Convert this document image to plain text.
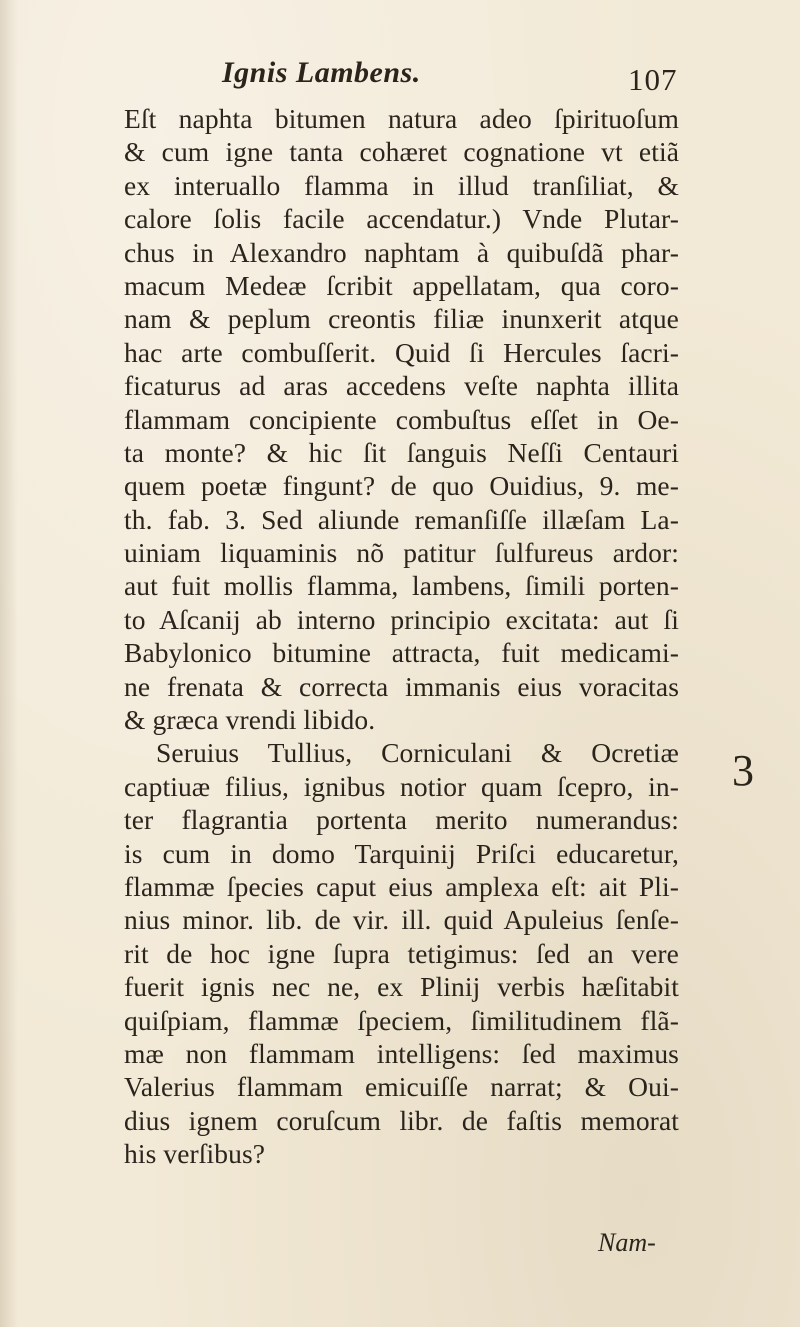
Ignis Lambens.	107
Eſt naphta bitumen natura adeo ſpirituoſum
& cum igne tanta cohæret cognatione vt etiã
ex interuallo flamma in illud tranſiliat, &
calore ſolis facile accendatur.) Vnde Plutar-
chus in Alexandro naphtam à quibuſdã phar-
macum Medeæ ſcribit appellatam, qua coro-
nam & peplum creontis filiæ inunxerit atque
hac arte combuſſerit. Quid ſi Hercules ſacri-
ficaturus ad aras accedens veſte naphta illita
flammam concipiente combuſtus eſſet in Oe-
ta monte? & hic ſit ſanguis Neſſi Centauri
quem poetæ fingunt? de quo Ouidius, 9. me-
th. fab. 3. Sed aliunde remanſiſſe illæſam La-
uiniam liquaminis nõ patitur ſulfureus ardor:
aut fuit mollis flamma, lambens, ſimili porten-
to Aſcanij ab interno principio excitata: aut ſi
Babylonico bitumine attracta, fuit medicami-
ne frenata & correcta immanis eius voracitas
& græca vrendi libido.
Seruius Tullius, Corniculani & Ocretiæ
captiuæ filius, ignibus notior quam ſcepro, in-
ter flagrantia portenta merito numerandus:
is cum in domo Tarquinij Priſci educaretur,
flammæ ſpecies caput eius amplexa eſt: ait Pli-
nius minor. lib. de vir. ill. quid Apuleius ſenſe-
rit de hoc igne ſupra tetigimus: ſed an vere
fuerit ignis nec ne, ex Plinij verbis hæſitabit
quiſpiam, flammæ ſpeciem, ſimilitudinem flã-
mæ non flammam intelligens: ſed maximus
Valerius flammam emicuiſſe narrat; & Oui-
dius ignem coruſcum libr. de faſtis memorat
his verſibus?
3
Nam-
